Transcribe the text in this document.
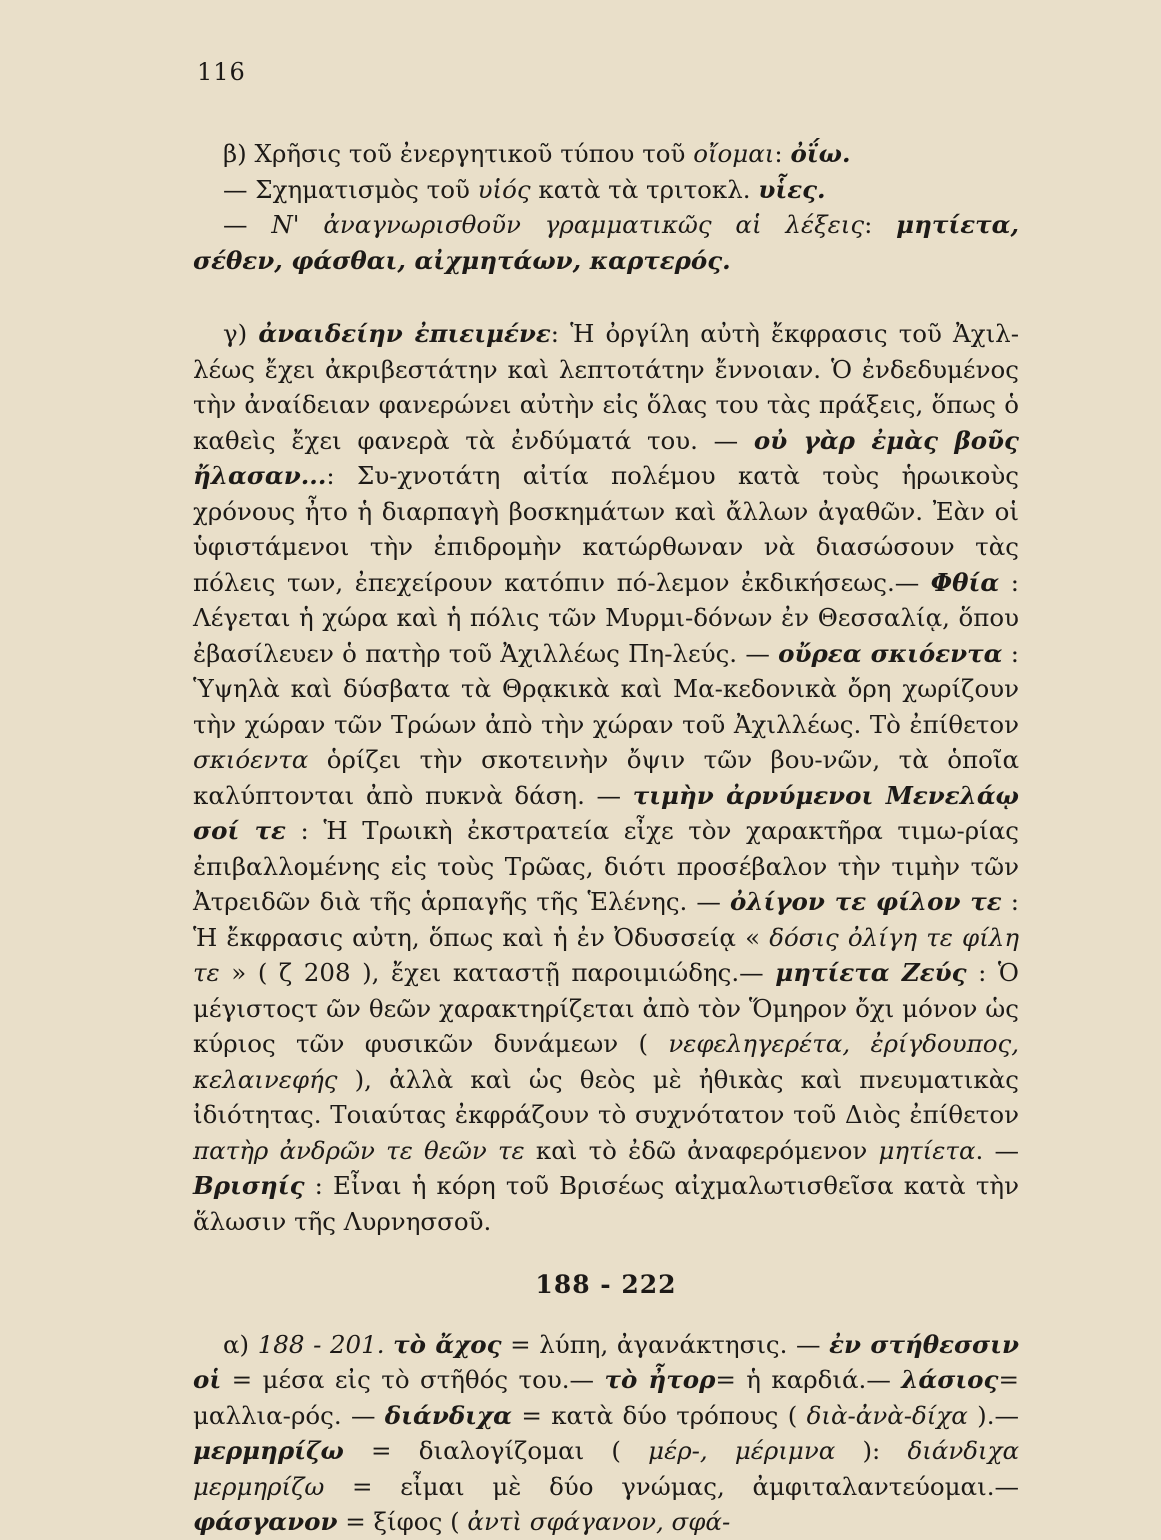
116

β) Χρῆσις τοῦ ἐνεργητικοῦ τύπου τοῦ οἴομαι: ὀΐω.

— Σχηματισμὸς τοῦ υἱός κατὰ τὰ τριτοκλ. υἷες.

— Ν' ἀναγνωρισθοῦν γραμματικῶς αἱ λέξεις: μητίετα, σέθεν, φάσθαι, αἰχμητάων, καρτερός.

γ) ἀναιδείην ἐπιειμένε: Ἡ ὀργίλη αὐτὴ ἔκφρασις τοῦ Ἀχιλ-λέως ἔχει ἀκριβεστάτην καὶ λεπτοτάτην ἔννοιαν. Ὁ ἐνδεδυμένος τὴν ἀναίδειαν φανερώνει αὐτὴν εἰς ὅλας του τὰς πράξεις, ὅπως ὁ καθεὶς ἔχει φανερὰ τὰ ἐνδύματά του. — οὐ γὰρ ἐμὰς βοῦς ἤλασαν...: Συ-χνοτάτη αἰτία πολέμου κατὰ τοὺς ἡρωικοὺς χρόνους ἦτο ἡ διαρπαγὴ βοσκημάτων καὶ ἄλλων ἀγαθῶν. Ἐὰν οἱ ὑφιστάμενοι τὴν ἐπιδρομὴν κατώρθωναν νὰ διασώσουν τὰς πόλεις των, ἐπεχείρουν κατόπιν πό-λεμον ἐκδικήσεως.— Φθία : Λέγεται ἡ χώρα καὶ ἡ πόλις τῶν Μυρμι-δόνων ἐν Θεσσαλίᾳ, ὅπου ἐβασίλευεν ὁ πατὴρ τοῦ Ἀχιλλέως Πη-λεύς. — οὔρεα σκιόεντα : Ὑψηλὰ καὶ δύσβατα τὰ Θρᾳκικὰ καὶ Μα-κεδονικὰ ὄρη χωρίζουν τὴν χώραν τῶν Τρώων ἀπὸ τὴν χώραν τοῦ Ἀχιλλέως. Τὸ ἐπίθετον σκιόεντα ὁρίζει τὴν σκοτεινὴν ὄψιν τῶν βου-νῶν, τὰ ὁποῖα καλύπτονται ἀπὸ πυκνὰ δάση. — τιμὴν ἀρνύμενοι Μενελάῳ σοί τε : Ἡ Τρωικὴ ἐκστρατεία εἶχε τὸν χαρακτῆρα τιμω-ρίας ἐπιβαλλομένης εἰς τοὺς Τρῶας, διότι προσέβαλον τὴν τιμὴν τῶν Ἀτρειδῶν διὰ τῆς ἁρπαγῆς τῆς Ἑλένης. — ὀλίγον τε φίλον τε : Ἡ ἔκφρασις αὐτη, ὅπως καὶ ἡ ἐν Ὀδυσσείᾳ « δόσις ὀλίγη τε φίλη τε » ( ζ 208 ), ἔχει καταστῇ παροιμιώδης.— μητίετα Ζεύς : Ὁ μέγιστοςτ ῶν θεῶν χαρακτηρίζεται ἀπὸ τὸν Ὅμηρον ὄχι μόνον ὡς κύριος τῶν φυσικῶν δυνάμεων ( νεφεληγερέτα, ἐρίγδουπος, κελαινεφής ), ἀλλὰ καὶ ὡς θεὸς μὲ ἠθικὰς καὶ πνευματικὰς ἰδιότητας. Τοιαύτας ἐκφράζουν τὸ συχνότατον τοῦ Διὸς ἐπίθετον πατὴρ ἀνδρῶν τε θεῶν τε καὶ τὸ ἐδῶ ἀναφερόμενον μητίετα. — Βρισηίς : Εἶναι ἡ κόρη τοῦ Βρισέως αἰχμαλωτισθεῖσα κατὰ τὴν ἅλωσιν τῆς Λυρνησσοῦ.

188 - 222

α) 188 - 201. τὸ ἄχος = λύπη, ἀγανάκτησις. — ἐν στήθεσσιν οἱ = μέσα εἰς τὸ στῆθός του.— τὸ ἦτορ= ἡ καρδιά.— λάσιος= μαλλια-ρός. — διάνδιχα = κατὰ δύο τρόπους ( διὰ-ἀνὰ-δίχα ).— μερμηρίζω = διαλογίζομαι ( μέρ-, μέριμνα ): διάνδιχα μερμηρίζω = εἶμαι μὲ δύο γνώμας, ἀμφιταλαντεύομαι.— φάσγανον = ξίφος ( ἀντὶ σφάγανον, σφά-
